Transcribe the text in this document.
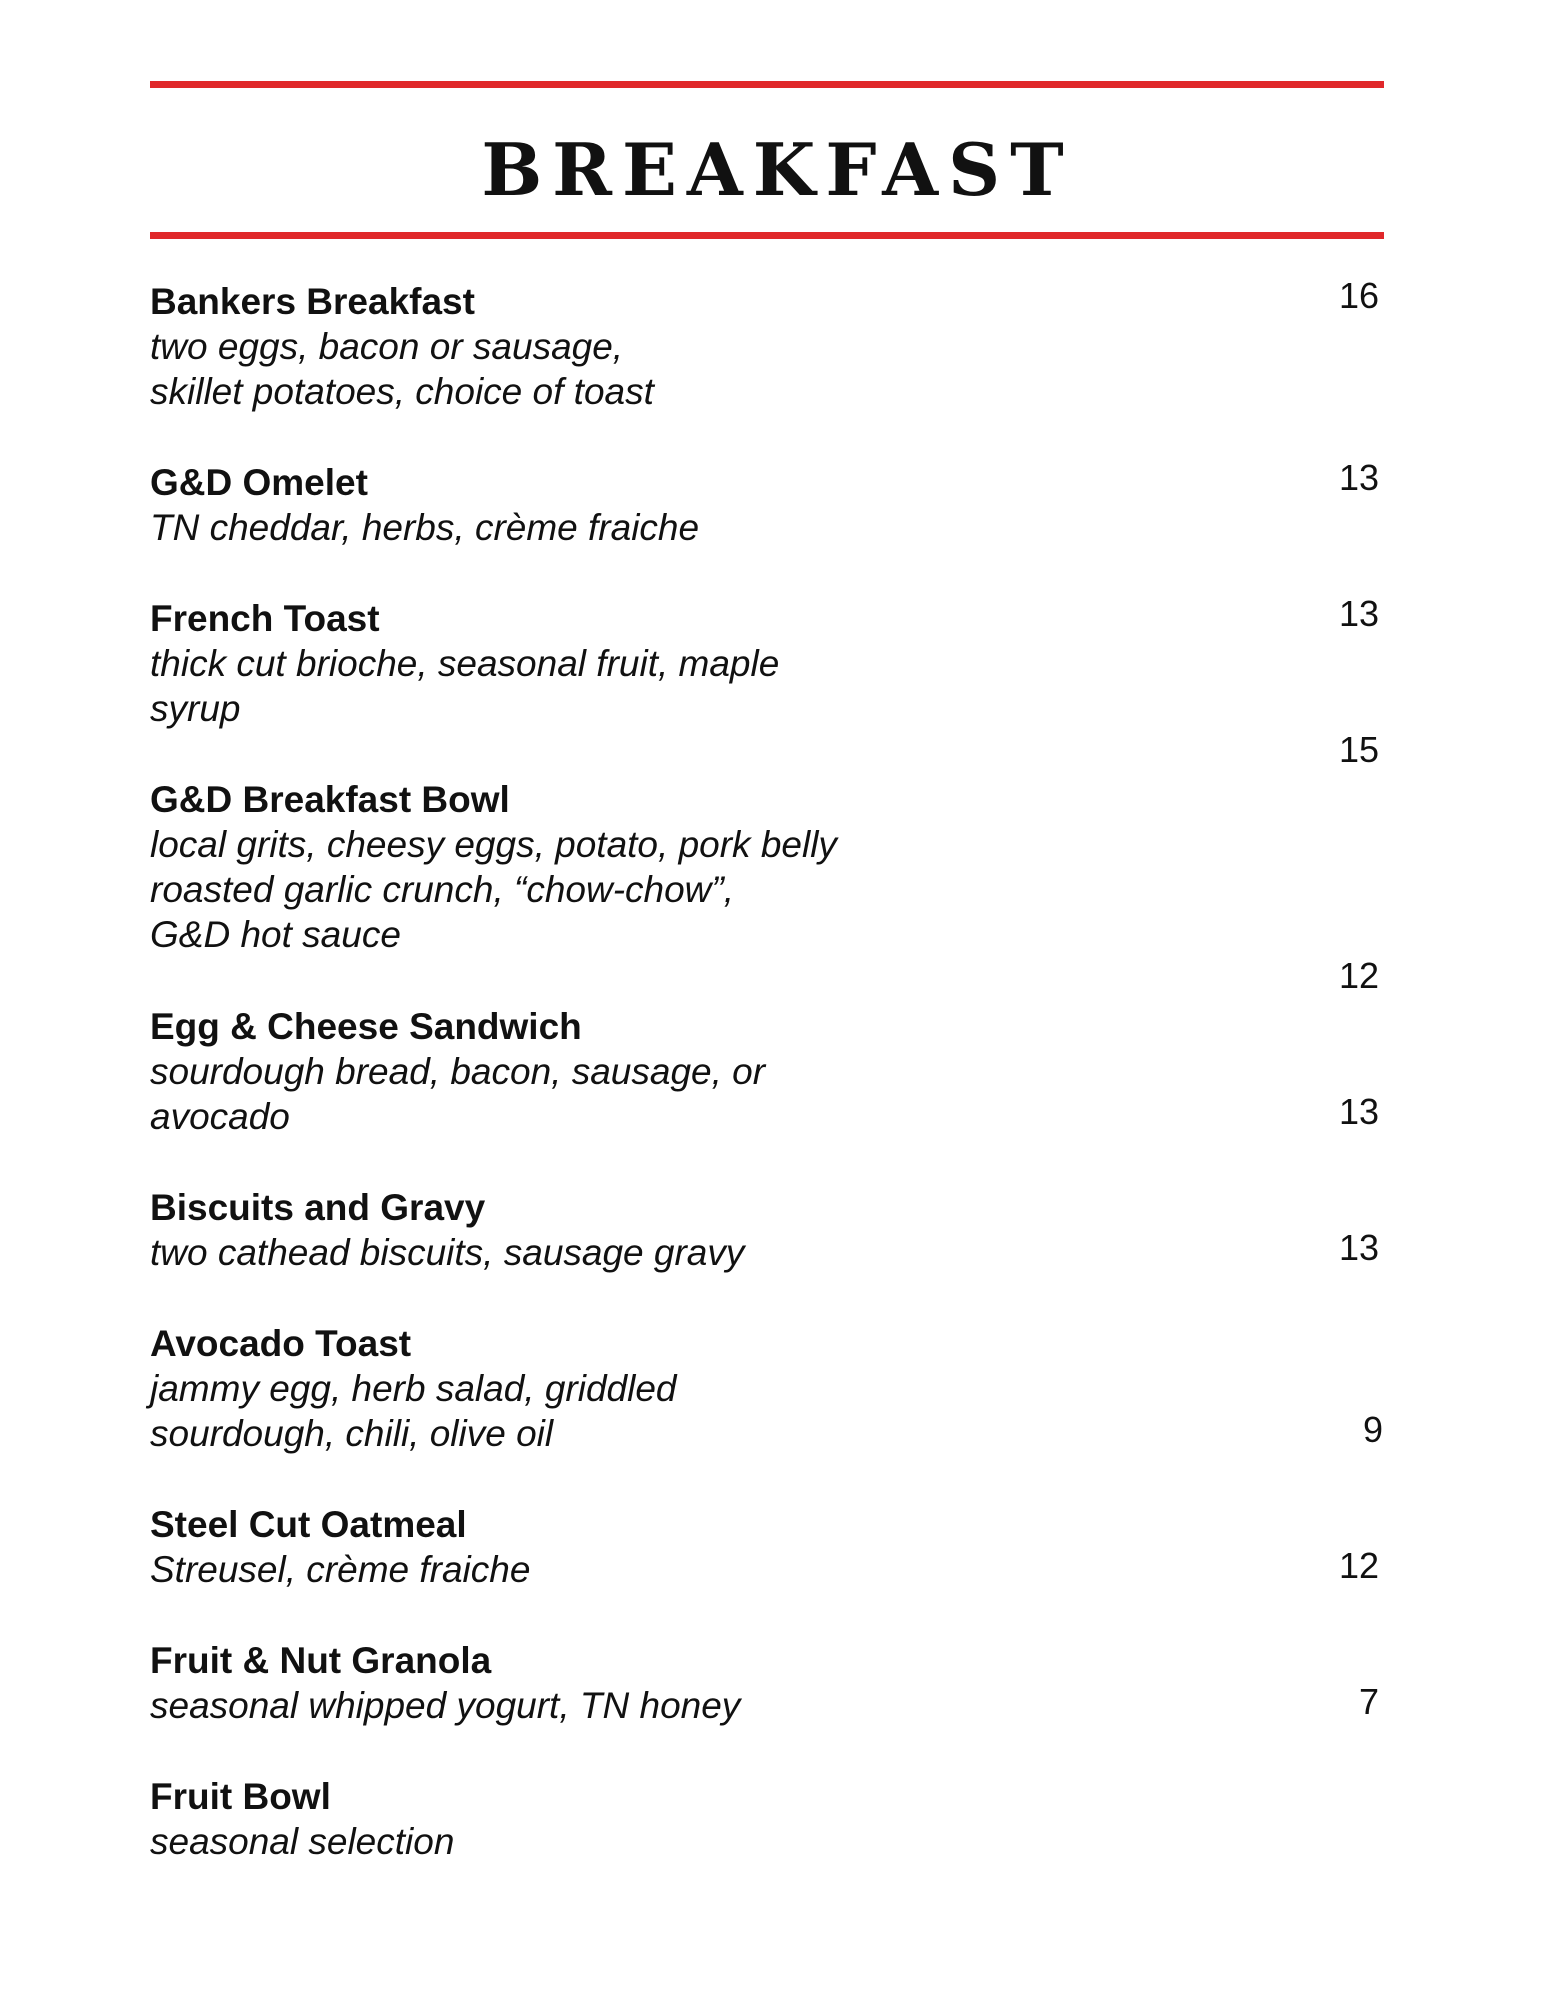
BREAKFAST
Bankers Breakfast
two eggs, bacon or sausage,
skillet potatoes, choice of toast
G&D Omelet
TN cheddar, herbs, crème fraiche
French Toast
thick cut brioche, seasonal fruit, maple
syrup
G&D Breakfast Bowl
local grits, cheesy eggs, potato, pork belly
roasted garlic crunch, “chow-chow”,
G&D hot sauce
Egg & Cheese Sandwich
sourdough bread, bacon, sausage, or
avocado
Biscuits and Gravy
two cathead biscuits, sausage gravy
Avocado Toast
jammy egg, herb salad, griddled
sourdough, chili, olive oil
Steel Cut Oatmeal
Streusel, crème fraiche
Fruit & Nut Granola
seasonal whipped yogurt, TN honey
Fruit Bowl
seasonal selection
16
13
13
15
12
13
13
9
12
7
